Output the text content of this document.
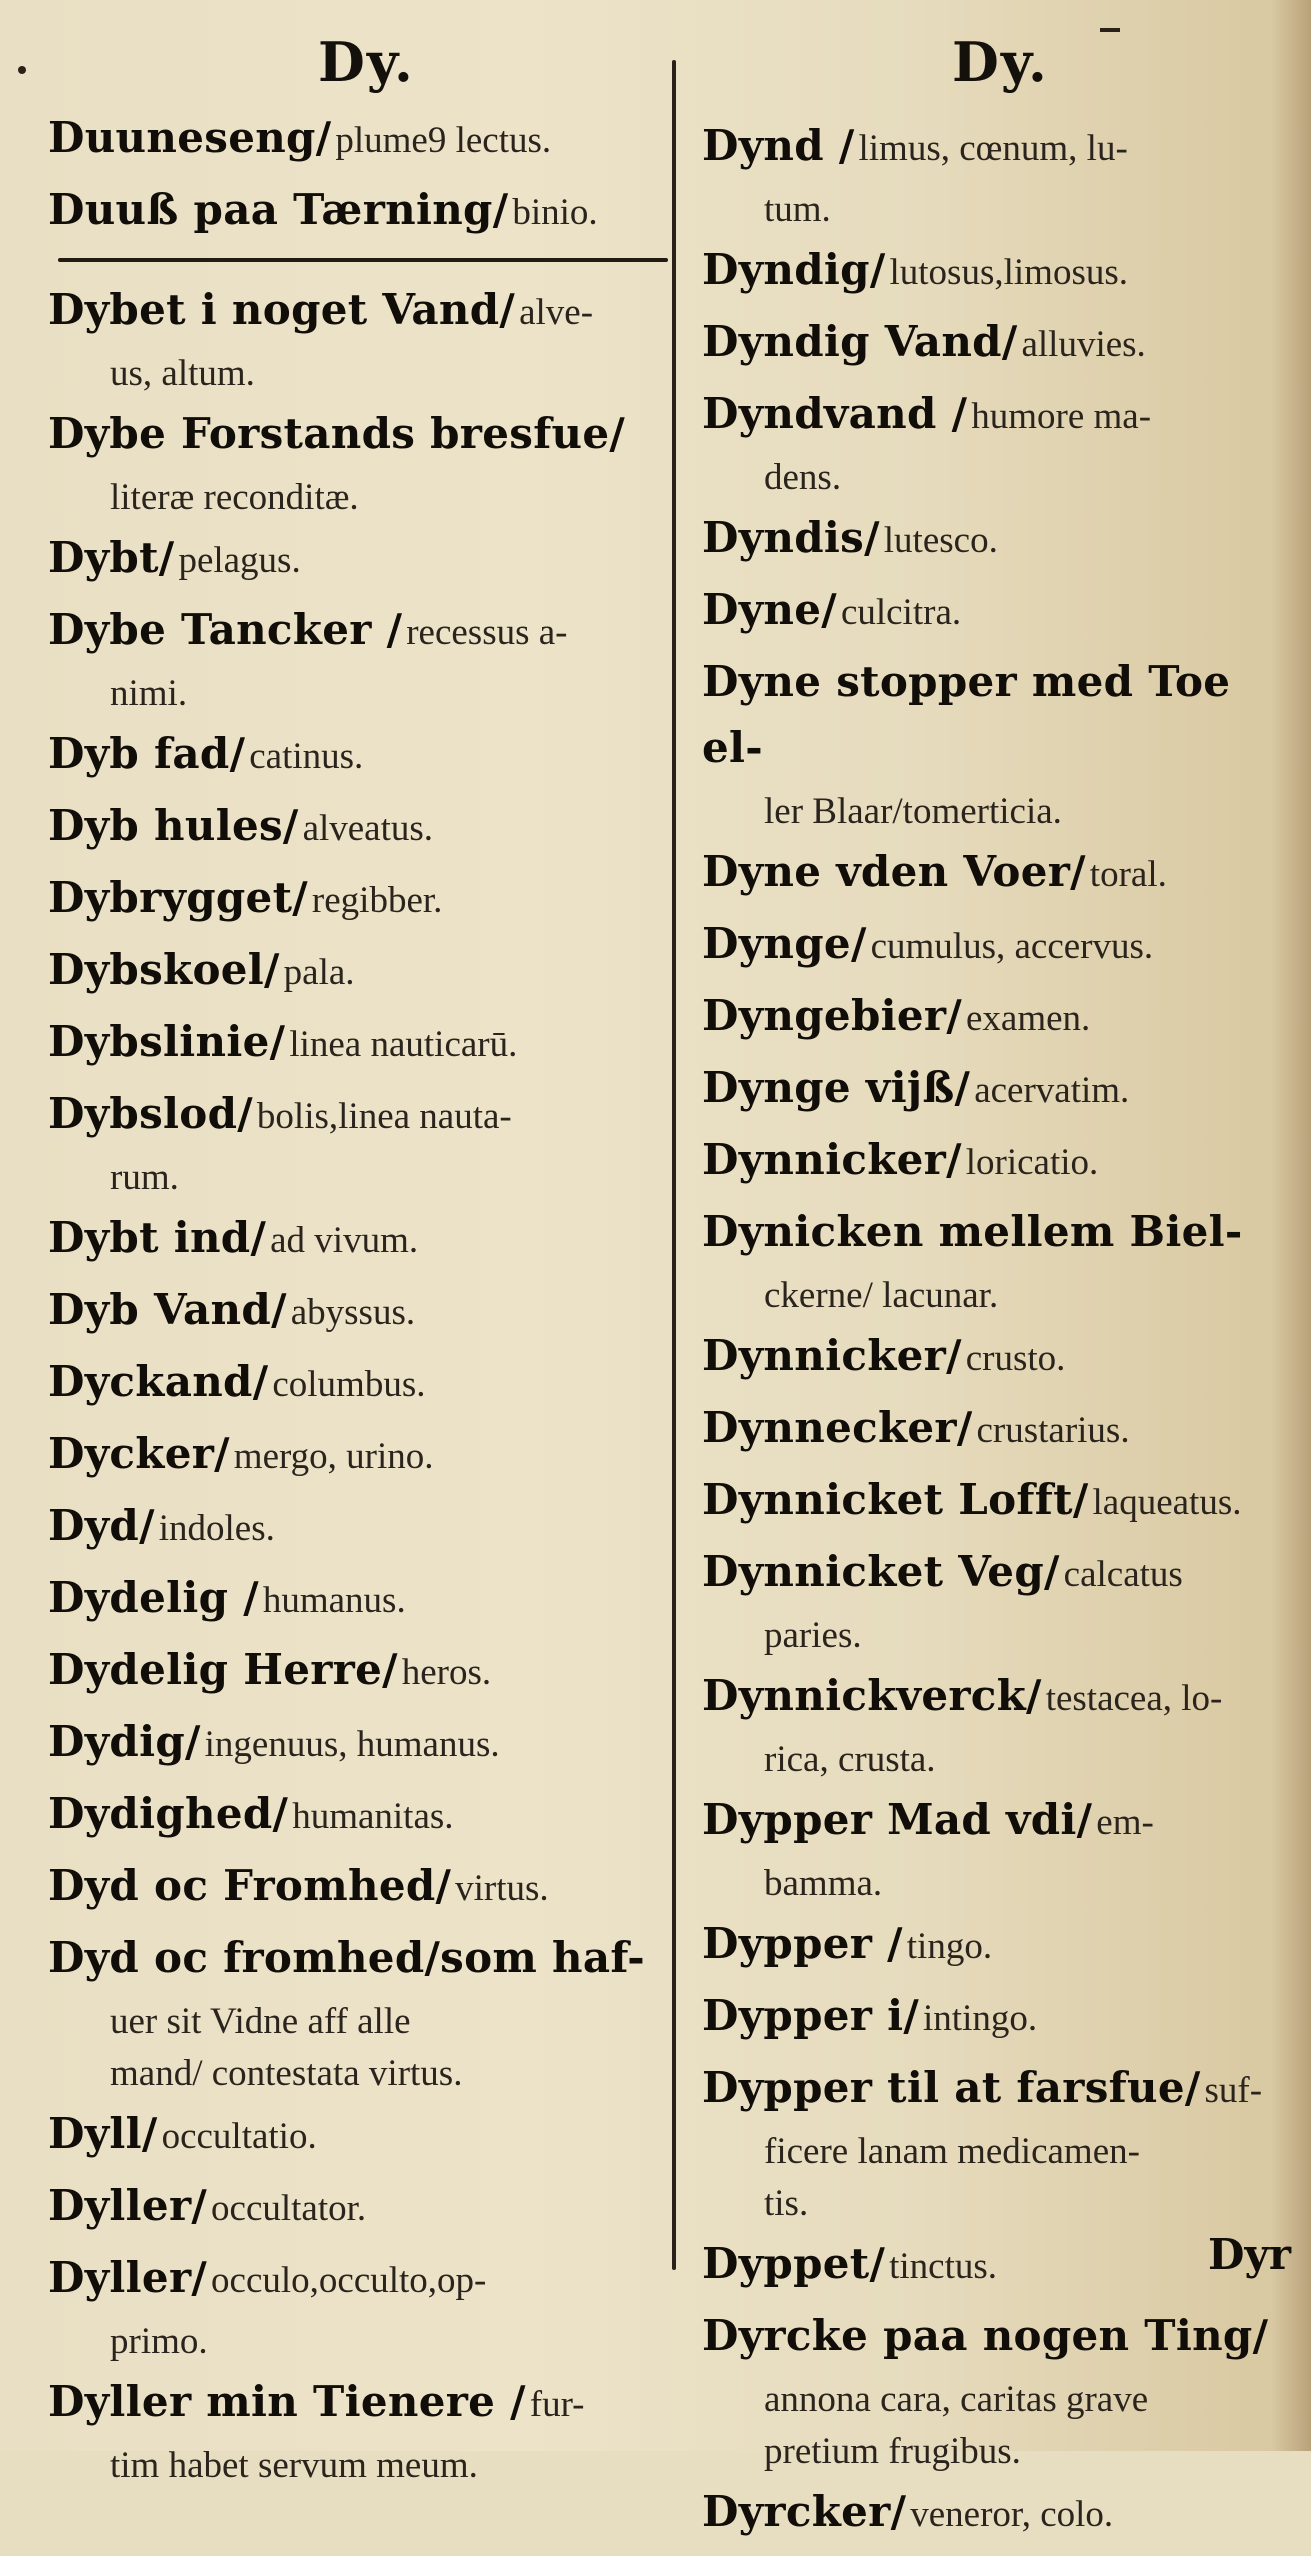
Dy.
Duuneseng/ plume9 lectus.
Duuß paa Tærning/ binio.
Dybet i noget Vand/ alve-
us, altum.
Dybe Forstands bresfue/
literæ reconditæ.
Dybt/ pelagus.
Dybe Tancker / recessus a-
nimi.
Dyb fad/ catinus.
Dyb hules/ alveatus.
Dybrygget/ regibber.
Dybskoel/ pala.
Dybslinie/ linea nauticarū.
Dybslod/ bolis,linea nauta-
rum.
Dybt ind/ ad vivum.
Dyb Vand/ abyssus.
Dyckand/ columbus.
Dycker/ mergo, urino.
Dyd/ indoles.
Dydelig / humanus.
Dydelig Herre/ heros.
Dydig/ ingenuus, humanus.
Dydighed/ humanitas.
Dyd oc Fromhed/ virtus.
Dyd oc fromhed/som haf-
uer sit Vidne aff alle
mand/ contestata virtus.
Dyll/ occultatio.
Dyller/ occultator.
Dyller/ occulo,occulto,op-
primo.
Dyller min Tienere / fur-
tim habet servum meum.
Dy.
Dynd / limus, cœnum, lu-
tum.
Dyndig/ lutosus,limosus.
Dyndig Vand/ alluvies.
Dyndvand / humore ma-
dens.
Dyndis/ lutesco.
Dyne/ culcitra.
Dyne stopper med Toe el-
ler Blaar/tomerticia.
Dyne vden Voer/ toral.
Dynge/ cumulus, accervus.
Dyngebier/ examen.
Dynge vijß/ acervatim.
Dynnicker/ loricatio.
Dynicken mellem Biel-
ckerne/ lacunar.
Dynnicker/ crusto.
Dynnecker/ crustarius.
Dynnicket Lofft/ laqueatus.
Dynnicket Veg/ calcatus
paries.
Dynnickverck/ testacea, lo-
rica, crusta.
Dypper Mad vdi/ em-
bamma.
Dypper / tingo.
Dypper i/ intingo.
Dypper til at farsfue/ suf-
ficere lanam medicamen-
tis.
Dyppet/ tinctus.
Dyrcke paa nogen Ting/
annona cara, caritas grave
pretium frugibus.
Dyrcker/ veneror, colo.
Dyr
